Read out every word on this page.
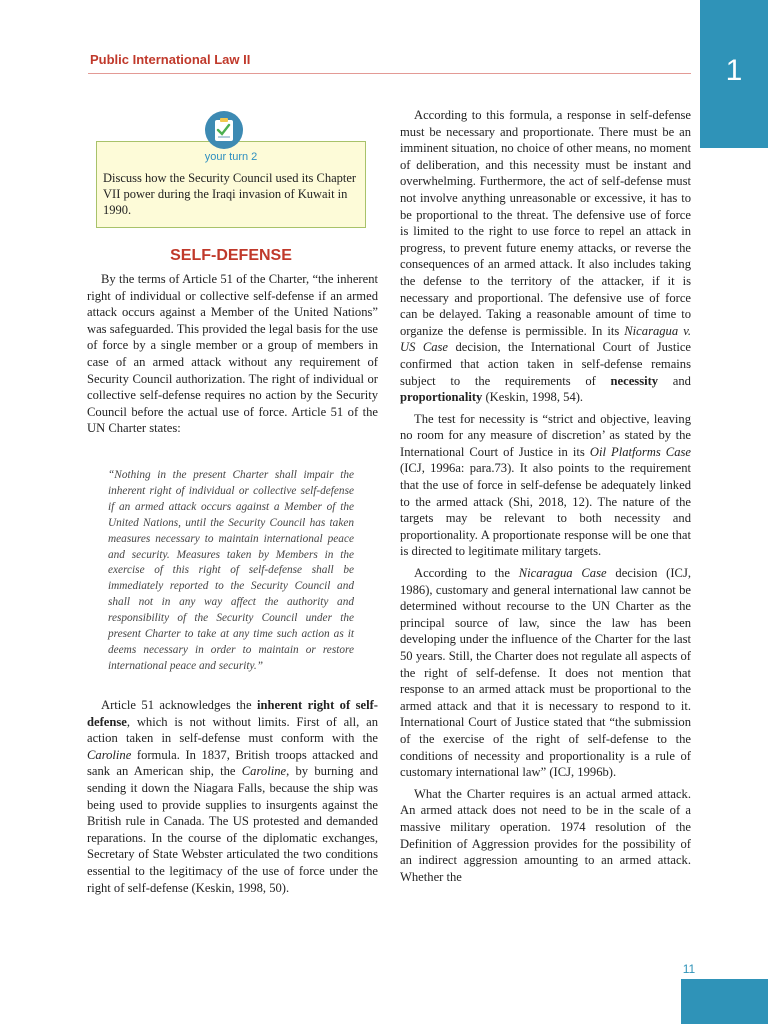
Public International Law II	1
your turn 2
Discuss how the Security Council used its Chapter VII power during the Iraqi invasion of Kuwait in 1990.
SELF-DEFENSE

By the terms of Article 51 of the Charter, “the inherent right of individual or collective self-defense if an armed attack occurs against a Member of the United Nations” was safeguarded. This provided the legal basis for the use of force by a single member or a group of members in case of an armed attack without any requirement of Security Council authorization. The right of individual or collective self-defense requires no action by the Security Council before the actual use of force. Article 51 of the UN Charter states:

“Nothing in the present Charter shall impair the inherent right of individual or collective self-defense if an armed attack occurs against a Member of the United Nations, until the Security Council has taken measures necessary to maintain international peace and security. Measures taken by Members in the exercise of this right of self-defense shall be immediately reported to the Security Council and shall not in any way affect the authority and responsibility of the Security Council under the present Charter to take at any time such action as it deems necessary in order to maintain or restore international peace and security.”

Article 51 acknowledges the inherent right of self-defense, which is not without limits. First of all, an action taken in self-defense must conform with the Caroline formula. In 1837, British troops attacked and sank an American ship, the Caroline, by burning and sending it down the Niagara Falls, because the ship was being used to provide supplies to insurgents against the British rule in Canada. The US protested and demanded reparations. In the course of the diplomatic exchanges, Secretary of State Webster articulated the two conditions essential to the legitimacy of the use of force under the right of self-defense (Keskin, 1998, 50).

According to this formula, a response in self-defense must be necessary and proportionate. There must be an imminent situation, no choice of other means, no moment of deliberation, and this necessity must be instant and overwhelming. Furthermore, the act of self-defense must not involve anything unreasonable or excessive, it has to be proportional to the threat. The defensive use of force is limited to the right to use force to repel an attack in progress, to prevent future enemy attacks, or reverse the consequences of an armed attack. It also includes taking the defense to the territory of the attacker, if it is necessary and proportional. The defensive use of force can be delayed. Taking a reasonable amount of time to organize the defense is permissible. In its Nicaragua v. US Case decision, the International Court of Justice confirmed that action taken in self-defense remains subject to the requirements of necessity and proportionality (Keskin, 1998, 54).

The test for necessity is “strict and objective, leaving no room for any measure of discretion’ as stated by the International Court of Justice in its Oil Platforms Case (ICJ, 1996a: para.73). It also points to the requirement that the use of force in self-defense be adequately linked to the armed attack (Shi, 2018, 12). The nature of the targets may be relevant to both necessity and proportionality. A proportionate response will be one that is directed to legitimate military targets.

According to the Nicaragua Case decision (ICJ, 1986), customary and general international law cannot be determined without recourse to the UN Charter as the principal source of law, since the law has been developing under the influence of the Charter for the last 50 years. Still, the Charter does not regulate all aspects of the right of self-defense. It does not mention that response to an armed attack must be proportional to the armed attack and that it is necessary to respond to it. International Court of Justice stated that “the submission of the exercise of the right of self-defense to the conditions of necessity and proportionality is a rule of customary international law” (ICJ, 1996b).

What the Charter requires is an actual armed attack. An armed attack does not need to be in the scale of a massive military operation. 1974 resolution of the Definition of Aggression provides for the possibility of an indirect aggression amounting to an armed attack. Whether the

11
